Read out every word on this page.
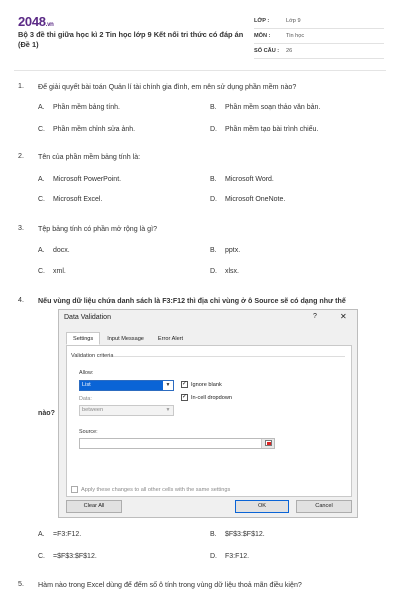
2048.vn
Bộ 3 đề thi giữa học kì 2 Tin học lớp 9 Kết nối tri thức có đáp án (Đề 1)
LỚP :	Lớp 9
MÔN :	Tin học
SỐ CÂU :	26
1. Để giải quyết bài toán Quản lí tài chính gia đình, em nên sử dụng phần mềm nào?
A. Phần mềm bảng tính.	B. Phần mềm soạn thảo văn bản.
C. Phần mềm chỉnh sửa ảnh.	D. Phần mềm tạo bài trình chiếu.
2. Tên của phần mềm bảng tính là:
A. Microsoft PowerPoint.	B. Microsoft Word.
C. Microsoft Excel.	D. Microsoft OneNote.
3. Tệp bảng tính có phần mở rộng là gì?
A. docx.	B. pptx.
C. xml.	D. xlsx.
4. Nếu vùng dữ liệu chứa danh sách là F3:F12 thì địa chỉ vùng ở ô Source sẽ có dạng như thế
nào?
A. =F3:F12.	B. $F$3:$F$12.
C. =$F$3:$F$12.	D. F3:F12.
Data Validation	?	✕
Settings	Input Message	Error Alert
Validation criteria
Allow:
List	▼	✓ Ignore blank
✓ In-cell dropdown
Data:
between	▼
Source:
Apply these changes to all other cells with the same settings
Clear All	OK	Cancel
5. Hàm nào trong Excel dùng để đếm số ô tính trong vùng dữ liệu thoả mãn điều kiện?
